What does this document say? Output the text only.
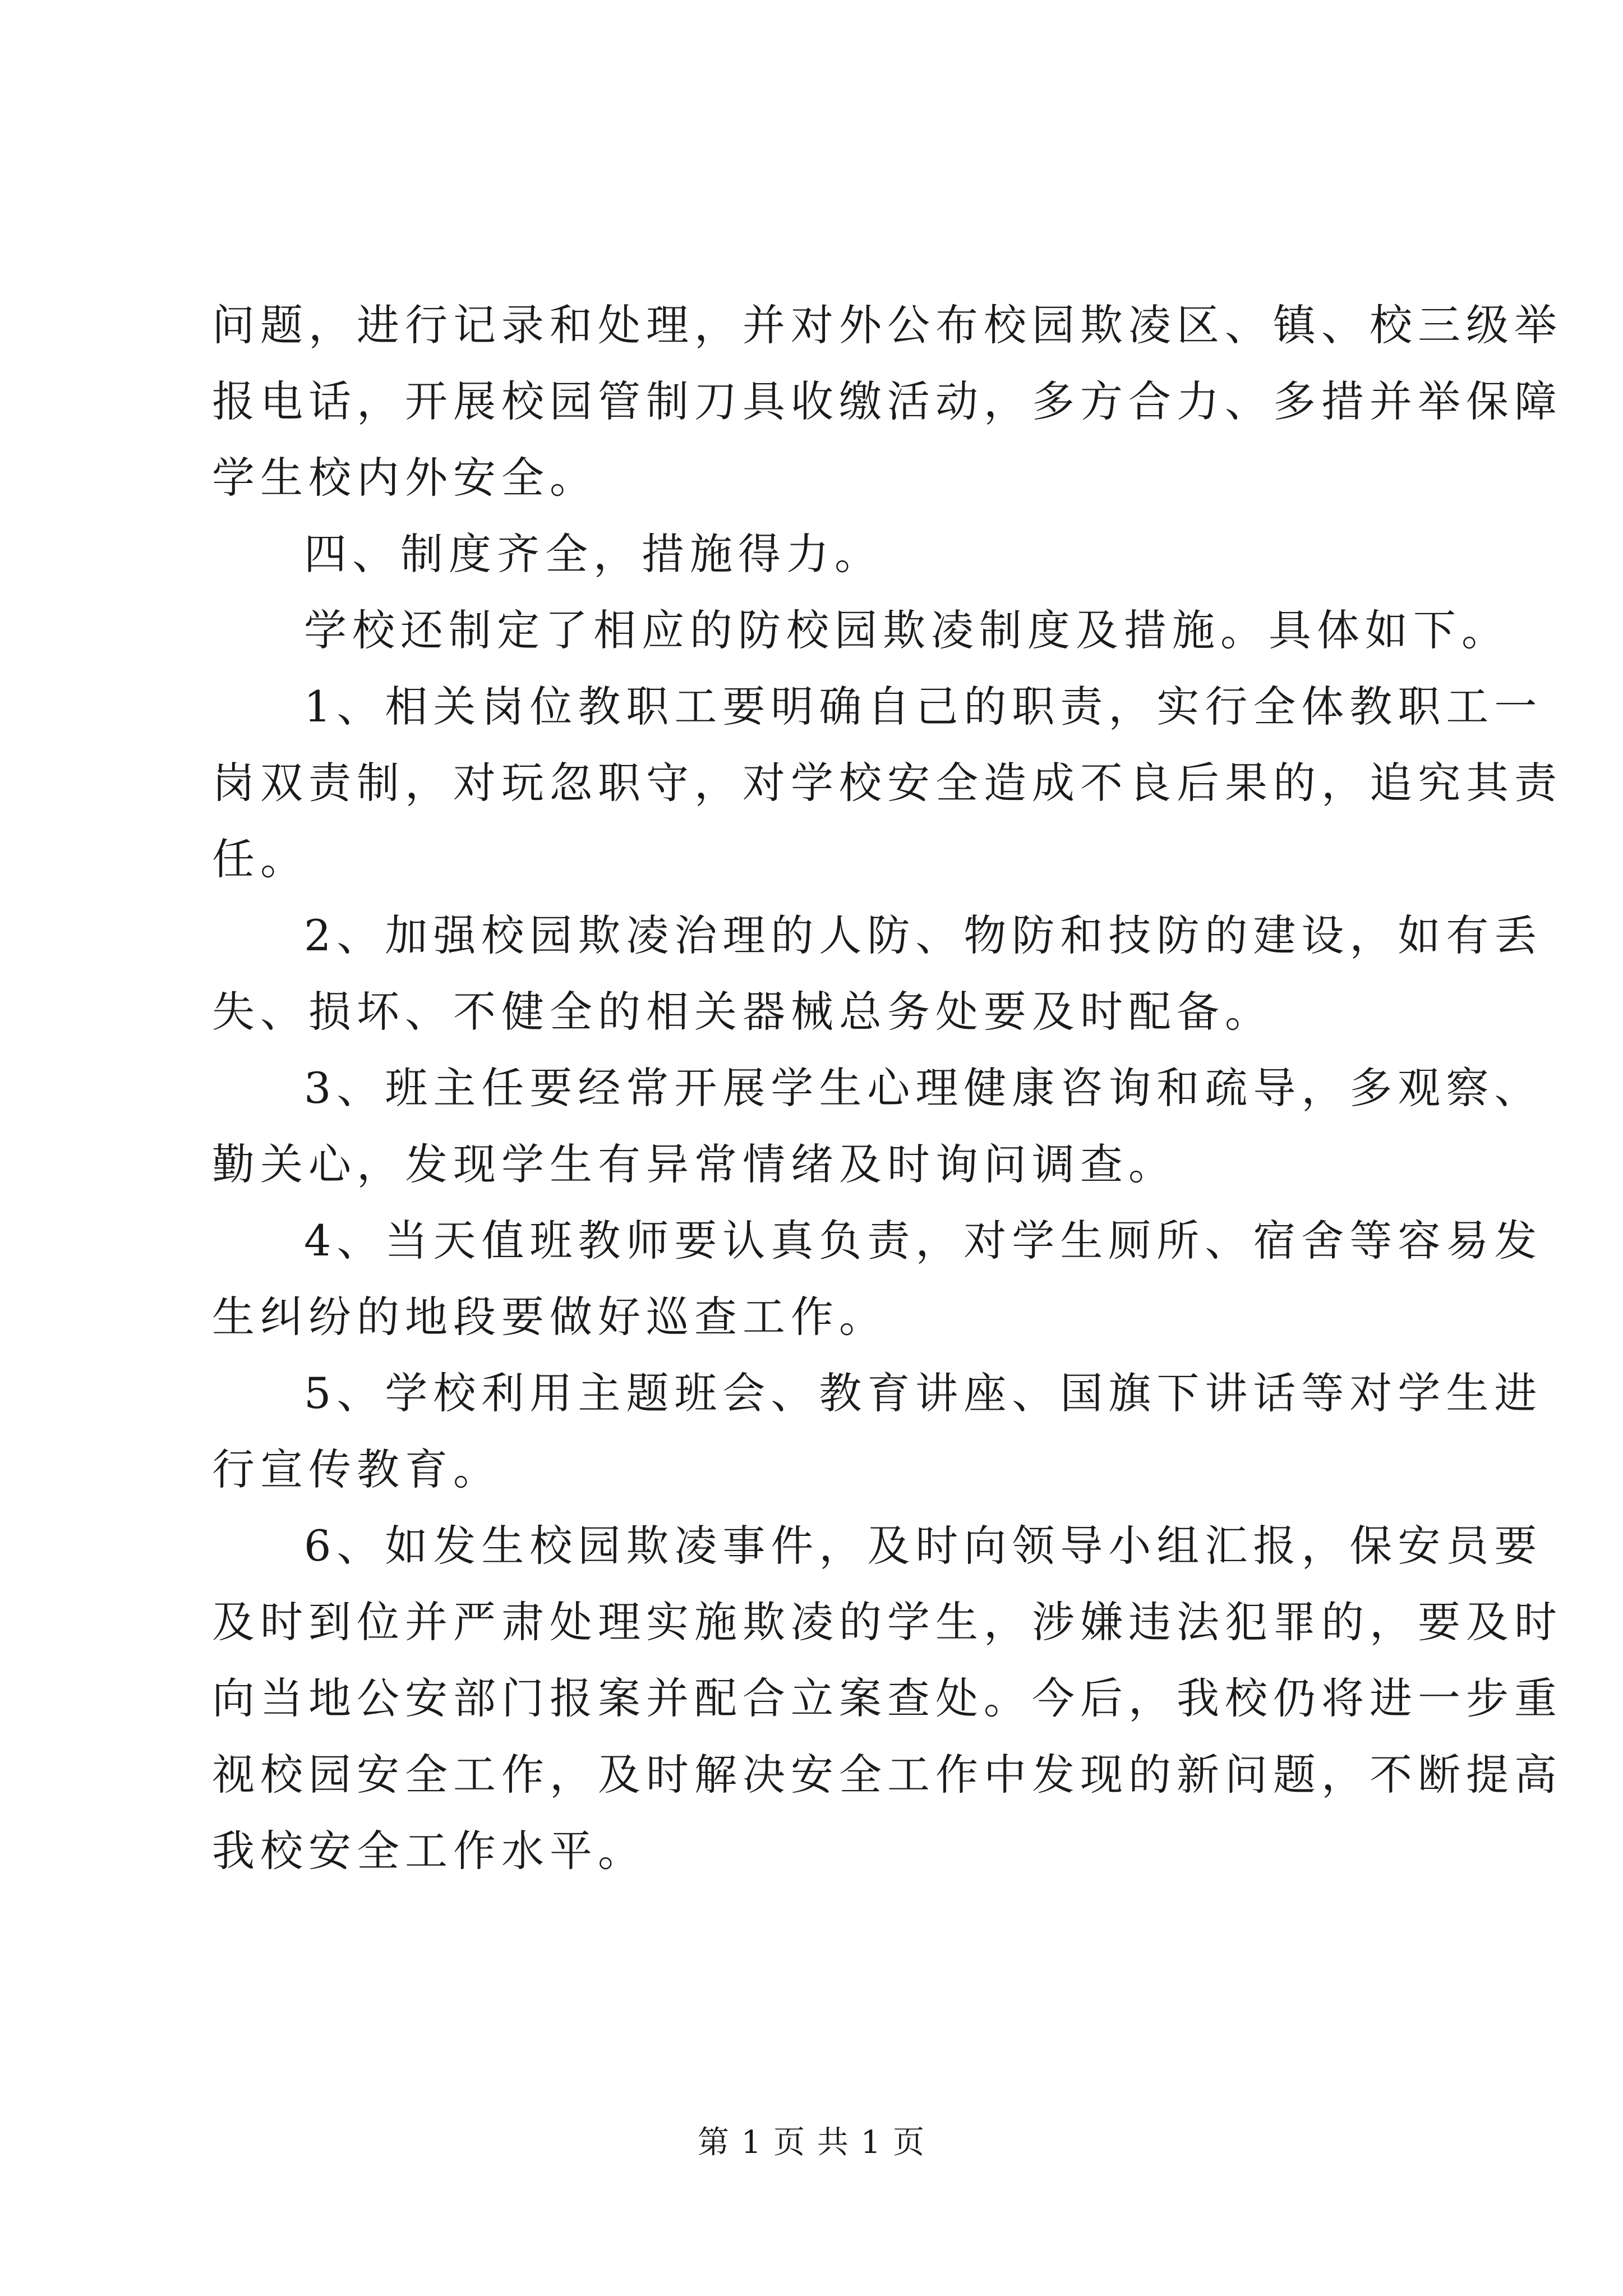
问题，进行记录和处理，并对外公布校园欺凌区、镇、校三级举
报电话，开展校园管制刀具收缴活动，多方合力、多措并举保障
学生校内外安全。

四、制度齐全，措施得力。

学校还制定了相应的防校园欺凌制度及措施。具体如下。

1、相关岗位教职工要明确自己的职责，实行全体教职工一
岗双责制，对玩忽职守，对学校安全造成不良后果的，追究其责
任。

2、加强校园欺凌治理的人防、物防和技防的建设，如有丢
失、损坏、不健全的相关器械总务处要及时配备。

3、班主任要经常开展学生心理健康咨询和疏导，多观察、
勤关心，发现学生有异常情绪及时询问调查。

4、当天值班教师要认真负责，对学生厕所、宿舍等容易发
生纠纷的地段要做好巡查工作。

5、学校利用主题班会、教育讲座、国旗下讲话等对学生进
行宣传教育。

6、如发生校园欺凌事件，及时向领导小组汇报，保安员要
及时到位并严肃处理实施欺凌的学生，涉嫌违法犯罪的，要及时
向当地公安部门报案并配合立案查处。今后，我校仍将进一步重
视校园安全工作，及时解决安全工作中发现的新问题，不断提高
我校安全工作水平。

第 1 页 共 1 页
